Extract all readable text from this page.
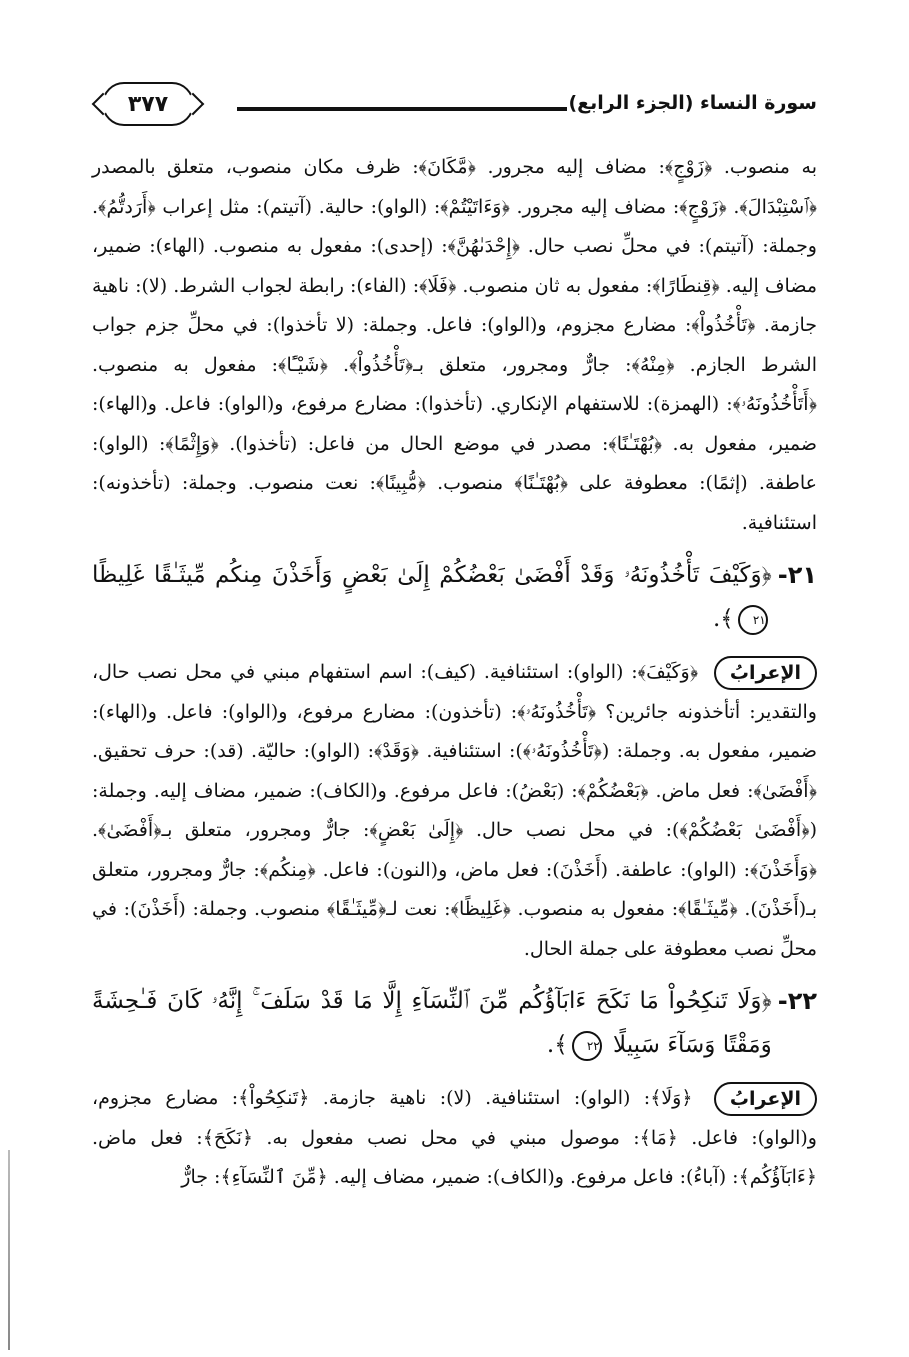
سورة النساء (الجزء الرابع)
٣٧٧

به منصوب. ﴿زَوْجٍ﴾: مضاف إليه مجرور. ﴿مَّكَانَ﴾: ظرف مكان منصوب، متعلق بالمصدر ﴿ٱسْتِبْدَالَ﴾. ﴿زَوْجٍ﴾: مضاف إليه مجرور. ﴿وَءَاتَيْتُمْ﴾: (الواو): حالية. (آتيتم): مثل إعراب ﴿أَرَدتُّمُ﴾. وجملة: (آتيتم): في محلِّ نصب حال. ﴿إِحْدَىٰهُنَّ﴾: (إحدى): مفعول به منصوب. (الهاء): ضمير، مضاف إليه. ﴿قِنطَارًا﴾: مفعول به ثان منصوب. ﴿فَلَا﴾: (الفاء): رابطة لجواب الشرط. (لا): ناهية جازمة. ﴿تَأْخُذُواْ﴾: مضارع مجزوم، و(الواو): فاعل. وجملة: (لا تأخذوا): في محلِّ جزم جواب الشرط الجازم. ﴿مِنْهُ﴾: جارٌّ ومجرور، متعلق بـ﴿تَأْخُذُواْ﴾. ﴿شَيْـًٔا﴾: مفعول به منصوب. ﴿أَتَأْخُذُونَهُۥ﴾: (الهمزة): للاستفهام الإنكاري. (تأخذوا): مضارع مرفوع، و(الواو): فاعل. و(الهاء): ضمير، مفعول به. ﴿بُهْتَـٰنًا﴾: مصدر في موضع الحال من فاعل: (تأخذوا). ﴿وَإِثْمًا﴾: (الواو): عاطفة. (إثمًا): معطوفة على ﴿بُهْتَـٰنًا﴾ منصوب. ﴿مُّبِينًا﴾: نعت منصوب. وجملة: (تأخذونه): استئنافية.

٢١-
﴿وَكَيْفَ تَأْخُذُونَهُۥ وَقَدْ أَفْضَىٰ بَعْضُكُمْ إِلَىٰ بَعْضٍ وَأَخَذْنَ مِنكُم مِّيثَـٰقًا غَلِيظًا ٢١﴾.

الإعرابُ ﴿وَكَيْفَ﴾: (الواو): استئنافية. (كيف): اسم استفهام مبني في محل نصب حال، والتقدير: أتأخذونه جائرين؟ ﴿تَأْخُذُونَهُۥ﴾: (تأخذون): مضارع مرفوع، و(الواو): فاعل. و(الهاء): ضمير، مفعول به. وجملة: (﴿تَأْخُذُونَهُۥ﴾): استئنافية. ﴿وَقَدْ﴾: (الواو): حاليّة. (قد): حرف تحقيق. ﴿أَفْضَىٰ﴾: فعل ماض. ﴿بَعْضُكُمْ﴾: (بَعْضُ): فاعل مرفوع. و(الكاف): ضمير، مضاف إليه. وجملة: (﴿أَفْضَىٰ بَعْضُكُمْ﴾): في محل نصب حال. ﴿إِلَىٰ بَعْضٍ﴾: جارٌّ ومجرور، متعلق بـ﴿أَفْضَىٰ﴾. ﴿وَأَخَذْنَ﴾: (الواو): عاطفة. (أَخَذْنَ): فعل ماض، و(النون): فاعل. ﴿مِنكُم﴾: جارٌّ ومجرور، متعلق بـ(أَخَذْنَ). ﴿مِّيثَـٰقًا﴾: مفعول به منصوب. ﴿غَلِيظًا﴾: نعت لـ﴿مِّيثَـٰقًا﴾ منصوب. وجملة: (أَخَذْنَ): في محلِّ نصب معطوفة على جملة الحال.

٢٢-
﴿وَلَا تَنكِحُواْ مَا نَكَحَ ءَابَآؤُكُم مِّنَ ٱلنِّسَآءِ إِلَّا مَا قَدْ سَلَفَ ۚ إِنَّهُۥ كَانَ فَـٰحِشَةً وَمَقْتًا وَسَآءَ سَبِيلًا ٢٢﴾.

الإعرابُ ﴿وَلَا﴾: (الواو): استئنافية. (لا): ناهية جازمة. ﴿تَنكِحُواْ﴾: مضارع مجزوم، و(الواو): فاعل. ﴿مَا﴾: موصول مبني في محل نصب مفعول به. ﴿نَكَحَ﴾: فعل ماض. ﴿ءَابَآؤُكُم﴾: (آباءُ): فاعل مرفوع. و(الكاف): ضمير، مضاف إليه. ﴿مِّنَ ٱلنِّسَآءِ﴾: جارٌّ
